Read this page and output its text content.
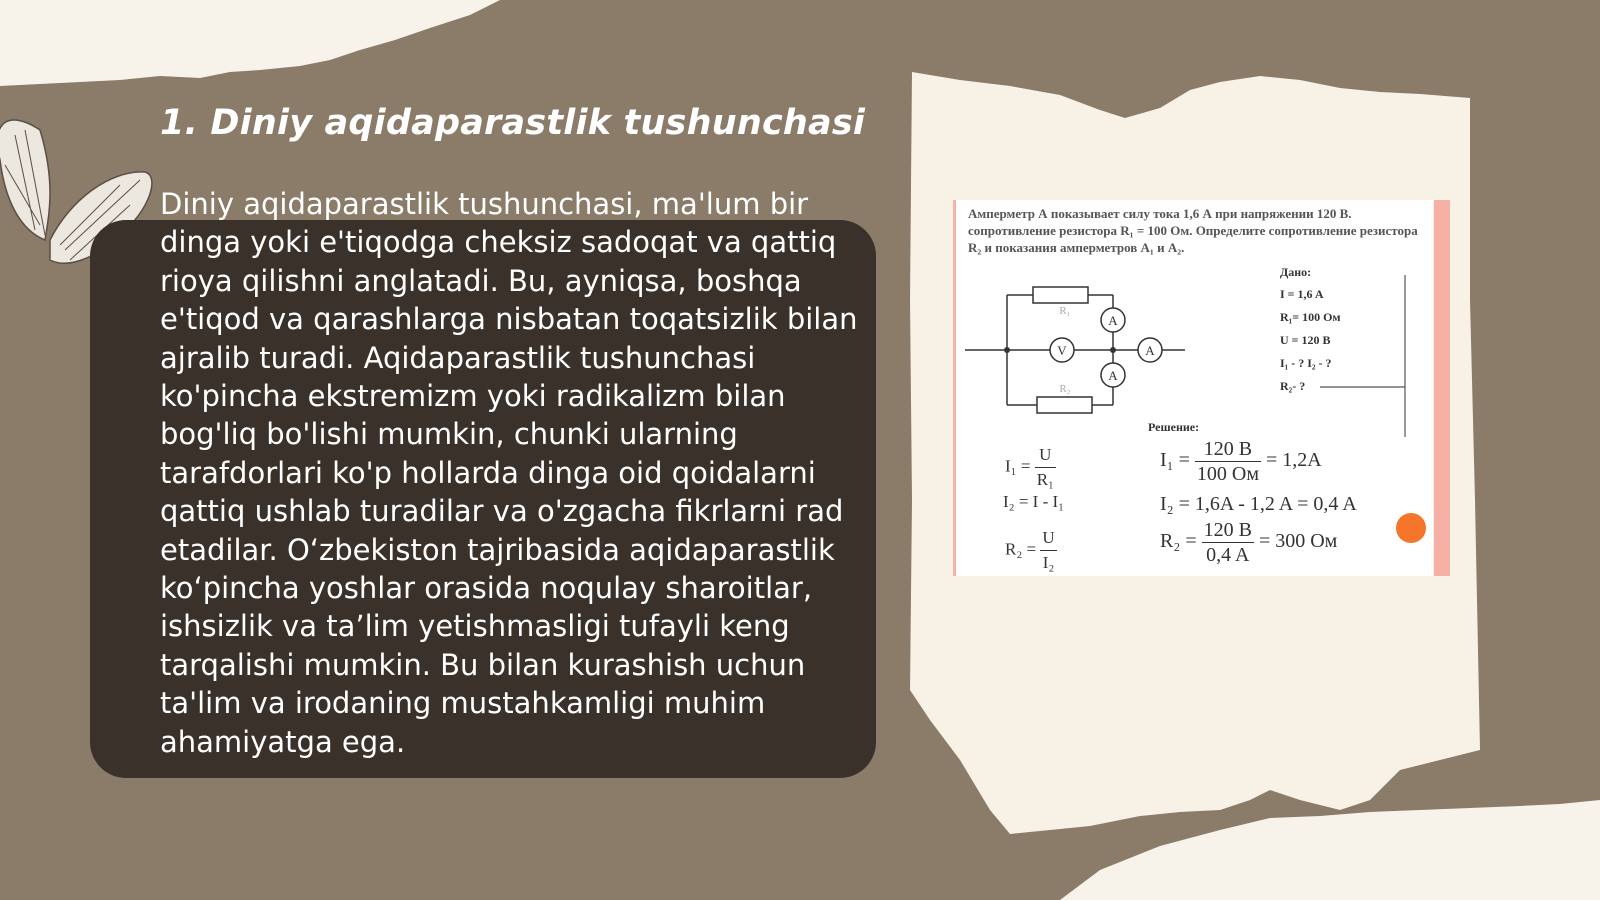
1. Diniy aqidaparastlik tushunchasi

Diniy aqidaparastlik tushunchasi, ma'lum bir dinga yoki e'tiqodga cheksiz sadoqat va qattiq rioya qilishni anglatadi. Bu, ayniqsa, boshqa e'tiqod va qarashlarga nisbatan toqatsizlik bilan ajralib turadi. Aqidaparastlik tushunchasi ko'pincha ekstremizm yoki radikalizm bilan bog'liq bo'lishi mumkin, chunki ularning tarafdorlari ko'p hollarda dinga oid qoidalarni qattiq ushlab turadilar va o'zgacha fikrlarni rad etadilar. O‘zbekiston tajribasida aqidaparastlik ko‘pincha yoshlar orasida noqulay sharoitlar, ishsizlik va ta’lim yetishmasligi tufayli keng tarqalishi mumkin. Bu bilan kurashish uchun ta'lim va irodaning mustahkamligi muhim ahamiyatga ega.

Амперметр А показывает силу тока 1,6 А при напряжении 120 В. сопротивление резистора R₁ = 100 Ом. Определите сопротивление резистора R₂ и показания амперметров A₁ и A₂.

Дано:
I = 1,6 A
R₁= 100 Ом
U = 120 B
I₁ - ? I₂ - ?
R₂- ?
Решение:
V
A
A
A
R₁
R₂
$I_1 = \frac{U}{\text{R₁}}$
I₂ = I - I₁
$R_2 = \frac{U}{\text{I₂}}$
$I_1 = \frac{120 B}{100 Ом} = 1,2A$
I₂ = 1,6A - 1,2 A = 0,4 A
$R_2 = \frac{120 B}{0,4 A} = 300$ Ом
